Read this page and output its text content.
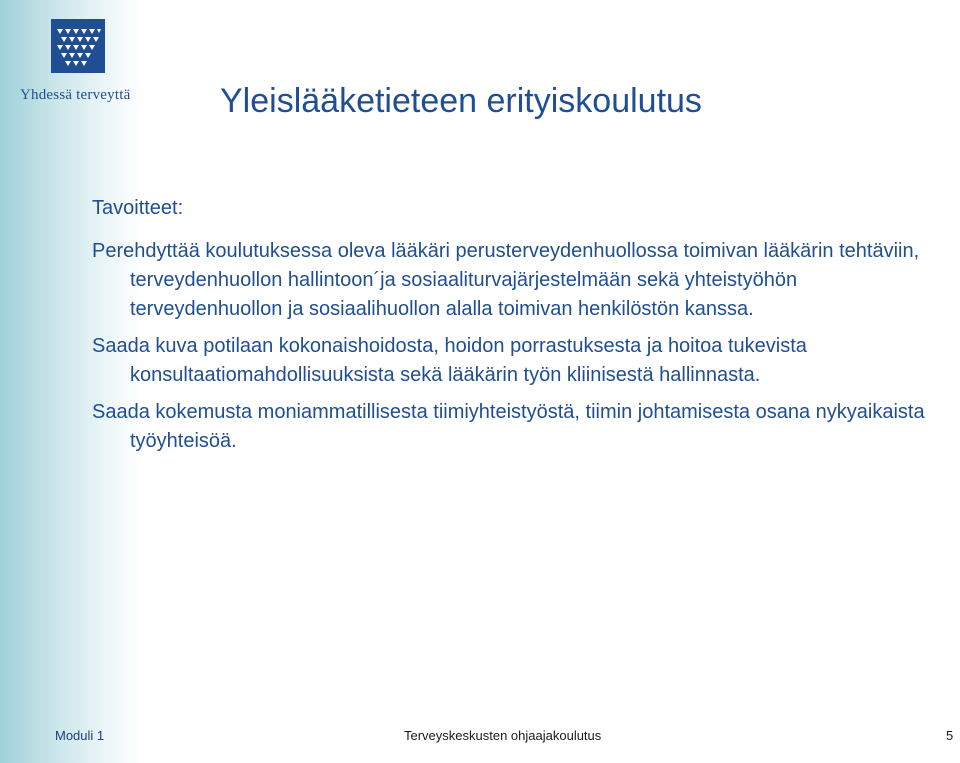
Yhdessä terveyttä	Yleislääketieteen erityiskoulutus

Tavoitteet:

Perehdyttää koulutuksessa oleva lääkäri perusterveydenhuollossa toimivan lääkärin tehtäviin, terveydenhuollon hallintoon´ja sosiaaliturvajärjestelmään sekä yhteistyöhön terveydenhuollon ja sosiaalihuollon alalla toimivan henkilöstön kanssa.

Saada kuva potilaan kokonaishoidosta, hoidon porrastuksesta ja hoitoa tukevista konsultaatiomahdollisuuksista sekä lääkärin työn kliinisestä hallinnasta.

Saada kokemusta moniammatillisesta tiimiyhteistyöstä, tiimin johtamisesta osana nykyaikaista työyhteisöä.

Moduli 1	Terveyskeskusten ohjaajakoulutus	5
